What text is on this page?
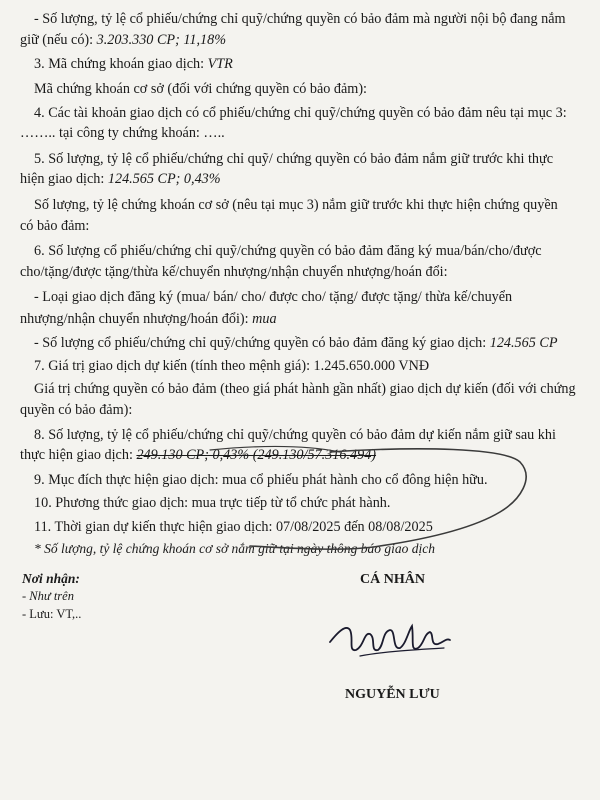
- Số lượng, tỷ lệ cổ phiếu/chứng chỉ quỹ/chứng quyền có bảo đảm mà người nội bộ đang nắm
giữ (nếu có): 3.203.330 CP; 11,18%
3. Mã chứng khoán giao dịch: VTR
Mã chứng khoán cơ sở (đối với chứng quyền có bảo đảm):
4. Các tài khoản giao dịch có cổ phiếu/chứng chỉ quỹ/chứng quyền có bảo đảm nêu tại mục 3:
…….. tại công ty chứng khoán: …..
5. Số lượng, tỷ lệ cổ phiếu/chứng chỉ quỹ/ chứng quyền có bảo đảm nắm giữ trước khi thực
hiện giao dịch: 124.565 CP; 0,43%
Số lượng, tỷ lệ chứng khoán cơ sở (nêu tại mục 3) nắm giữ trước khi thực hiện chứng quyền
có bảo đảm:
6. Số lượng cổ phiếu/chứng chỉ quỹ/chứng quyền có bảo đảm đăng ký mua/bán/cho/được
cho/tặng/được tặng/thừa kế/chuyển nhượng/nhận chuyển nhượng/hoán đổi:
- Loại giao dịch đăng ký (mua/ bán/ cho/ được cho/ tặng/ được tặng/ thừa kế/chuyển
nhượng/nhận chuyển nhượng/hoán đổi): mua
- Số lượng cổ phiếu/chứng chỉ quỹ/chứng quyền có bảo đảm đăng ký giao dịch: 124.565 CP
7. Giá trị giao dịch dự kiến (tính theo mệnh giá): 1.245.650.000 VNĐ
Giá trị chứng quyền có bảo đảm (theo giá phát hành gần nhất) giao dịch dự kiến (đối với chứng
quyền có bảo đảm):
8. Số lượng, tỷ lệ cổ phiếu/chứng chỉ quỹ/chứng quyền có bảo đảm dự kiến nắm giữ sau khi
thực hiện giao dịch: 249.130 CP; 0,43% (249.130/57.316.494)
9. Mục đích thực hiện giao dịch: mua cổ phiếu phát hành cho cổ đông hiện hữu.
10. Phương thức giao dịch: mua trực tiếp từ tổ chức phát hành.
11. Thời gian dự kiến thực hiện giao dịch: 07/08/2025 đến 08/08/2025
* Số lượng, tỷ lệ chứng khoán cơ sở nắm giữ tại ngày thông báo giao dịch
Nơi nhận:
- Như trên
- Lưu: VT,..
CÁ NHÂN
NGUYỄN LƯU
